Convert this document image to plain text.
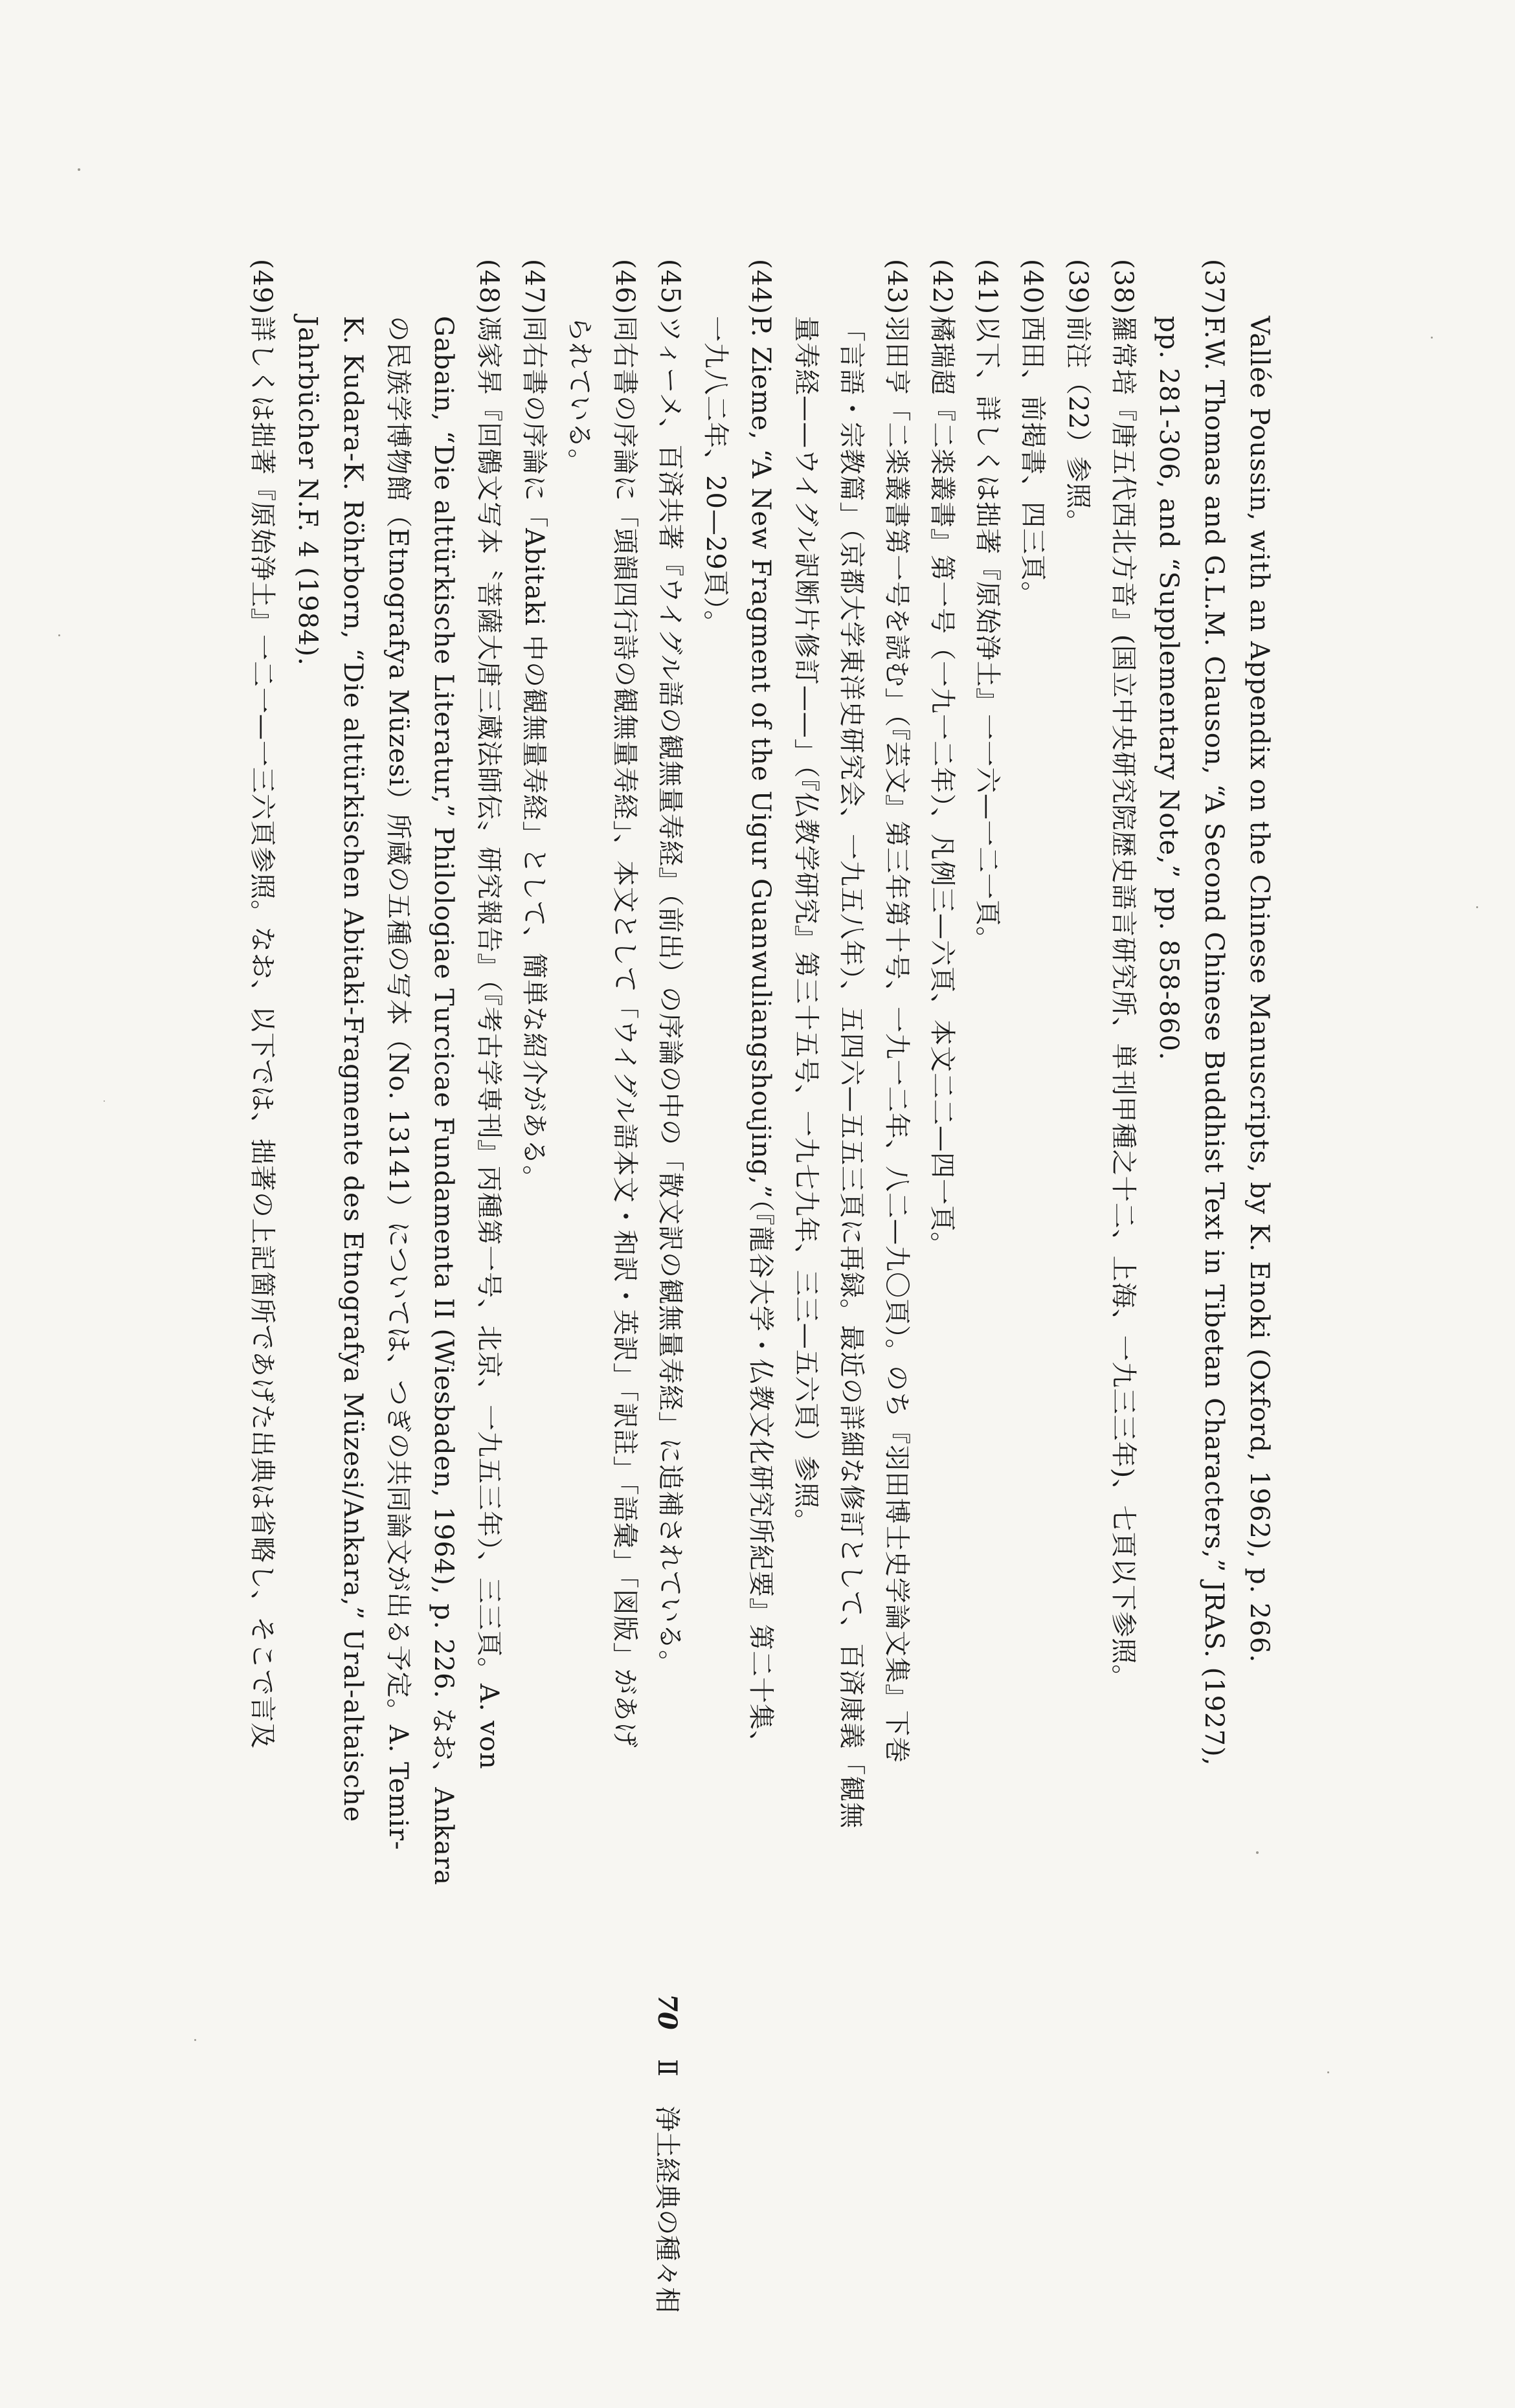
Vallée Poussin, with an Appendix on the Chinese Manuscripts, by K. Enoki (Oxford, 1962), p. 266.
(37)F.W. Thomas and G.L.M. Clauson, “A Second Chinese Buddhist Text in Tibetan Characters,” JRAS. (1927),
pp. 281-306, and “Supplementary Note,” pp. 858-860.
(38)羅常培『唐五代西北方音』(国立中央研究院歴史語言研究所、単刊甲種之十二、上海、一九三三年)、七頁以下参照。
(39)前注（22）参照。
(40)西田、前掲書、四三頁。
(41)以下、詳しくは拙著『原始浄土』一一六—一二一頁。
(42)橘瑞超『二楽叢書』第一号（一九一二年）、凡例三—六頁、本文二二—四一頁。
(43)羽田亨「二楽叢書第一号を読む」（『芸文』第三年第十号、一九一二年、八二—九〇頁）。のち『羽田博士史学論文集』下巻
「言語・宗教篇」（京都大学東洋史研究会、一九五八年）、五四六—五五三頁に再録。最近の詳細な修訂として、百済康義「観無
量寿経——ウイグル訳断片修訂——」（『仏教学研究』第三十五号、一九七九年、三三—五六頁）参照。
(44)P. Zieme, “A New Fragment of the Uigur Guanwuliangshoujing,”（『龍谷大学・仏教文化研究所紀要』第二十集、
一九八二年、20—29頁）。
(45)ツィーメ、百済共著『ウイグル語の観無量寿経』（前出）の序論の中の「散文訳の観無量寿経」に追補されている。
(46)同右書の序論に「頭韻四行詩の観無量寿経」、本文として「ウイグル語本文・和訳・英訳」「訳註」「語彙」「図版」があげ
られている。
(47)同右書の序論に「Abitaki 中の観無量寿経」として、簡単な紹介がある。
(48)馮家昇『回鶻文写本〝菩薩大唐三蔵法師伝〟研究報告』（『考古学専刊』丙種第一号、北京、一九五三年）、三三頁。A. von
Gabain, “Die alttürkische Literatur,” Philologiae Turcicae Fundamenta II (Wiesbaden, 1964), p. 226. なお、Ankara
の民族学博物館（Etnografya Müzesi）所蔵の五種の写本（No. 13141）については、つぎの共同論文が出る予定。A. Temir-
K. Kudara-K. Röhrborn, “Die alttürkischen Abitaki-Fragmente des Etnografya Müzesi/Ankara,” Ural-altaische
Jahrbücher N.F. 4 (1984).
(49)詳しくは拙著『原始浄土』一二一—一三六頁参照。なお、以下では、拙著の上記箇所であげた出典は省略し、そこで言及
70 Ⅱ 浄土経典の種々相
